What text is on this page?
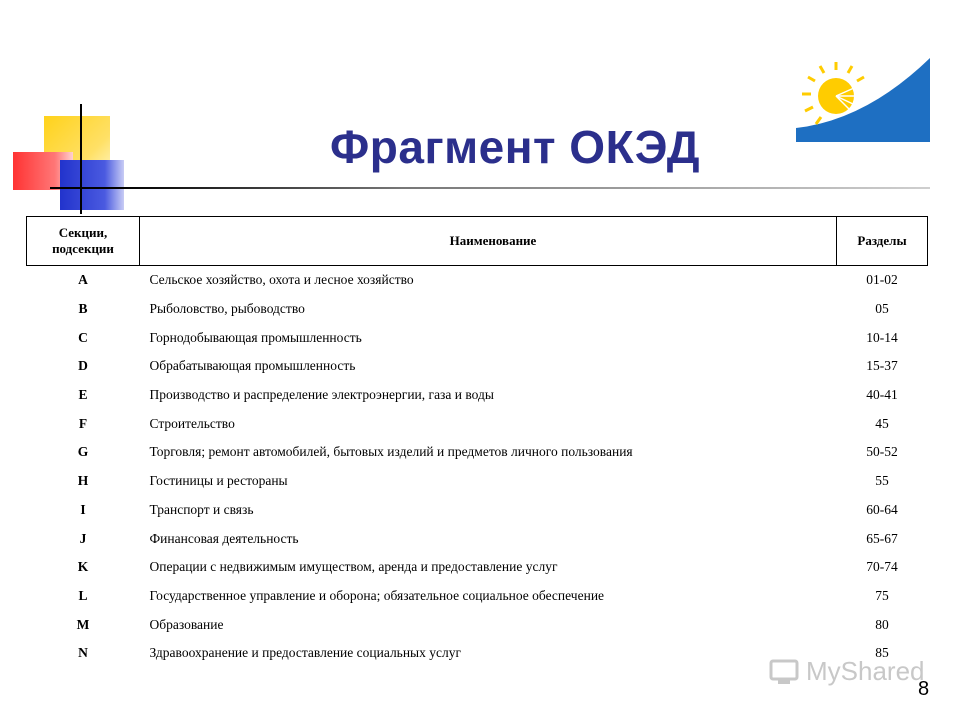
Фрагмент ОКЭД
Секции,
подсекции	Наименование	Разделы
A	Сельское хозяйство, охота и лесное хозяйство	01-02
B	Рыболовство, рыбоводство	05
C	Горнодобывающая промышленность	10-14
D	Обрабатывающая промышленность	15-37
E	Производство и распределение электроэнергии, газа и воды	40-41
F	Строительство	45
G	Торговля; ремонт автомобилей, бытовых изделий и предметов личного пользования	50-52
H	Гостиницы и рестораны	55
I	Транспорт и связь	60-64
J	Финансовая деятельность	65-67
K	Операции с недвижимым имуществом, аренда и предоставление услуг	70-74
L	Государственное управление и оборона; обязательное социальное обеспечение	75
M	Образование	80
N	Здравоохранение и предоставление социальных услуг	85
MyShared
8
